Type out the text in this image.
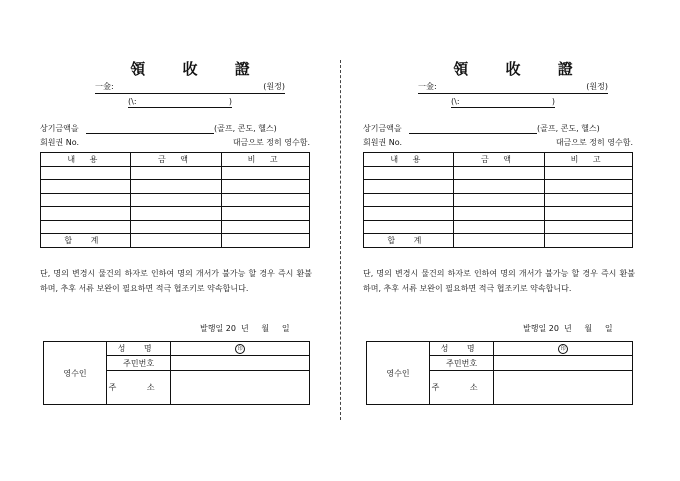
領 收 證
一金:	(원정)
(\:	)
상기금액을	(골프, 콘도, 헬스)
회원권 No.	대금으로 정히 영수함.
내 용	금 액	비 고

합 계		
단, 명의 변경시 물건의 하자로 인하여 명의 개서가 불가능 할 경우 즉시 환불하며, 추후 서류 보완이 필요하면 적극 협조키로 약속합니다.
발행일 20  년     월     일
영수인	성 명	印
	주민번호	
	주 소	
領 收 證
一金:	(원정)
(\:	)
상기금액을	(골프, 콘도, 헬스)
회원권 No.	대금으로 정히 영수함.
내 용	금 액	비 고

합 계		
단, 명의 변경시 물건의 하자로 인하여 명의 개서가 불가능 할 경우 즉시 환불하며, 추후 서류 보완이 필요하면 적극 협조키로 약속합니다.
발행일 20  년     월     일
영수인	성 명	印
	주민번호	
	주 소	
